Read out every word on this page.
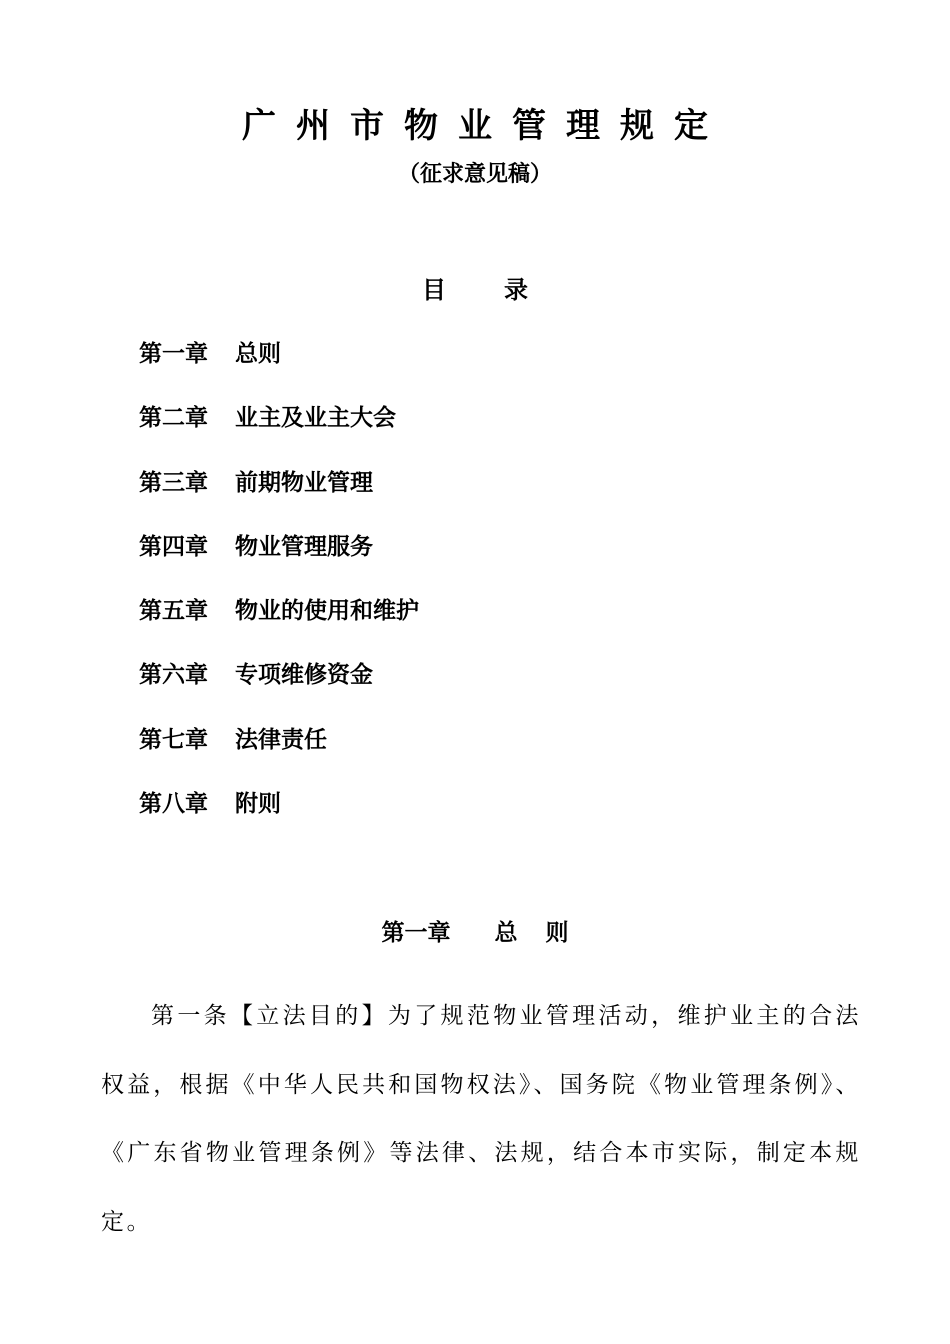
广州市物业管理规定
（征求意见稿）
目 录
第一章 总则
第二章 业主及业主大会
第三章 前期物业管理
第四章 物业管理服务
第五章 物业的使用和维护
第六章 专项维修资金
第七章 法律责任
第八章 附则
第一章 总 则

第一条【立法目的】为了规范物业管理活动，维护业主的合法权益，根据《中华人民共和国物权法》、国务院《物业管理条例》、《广东省物业管理条例》等法律、法规，结合本市实际，制定本规定。
